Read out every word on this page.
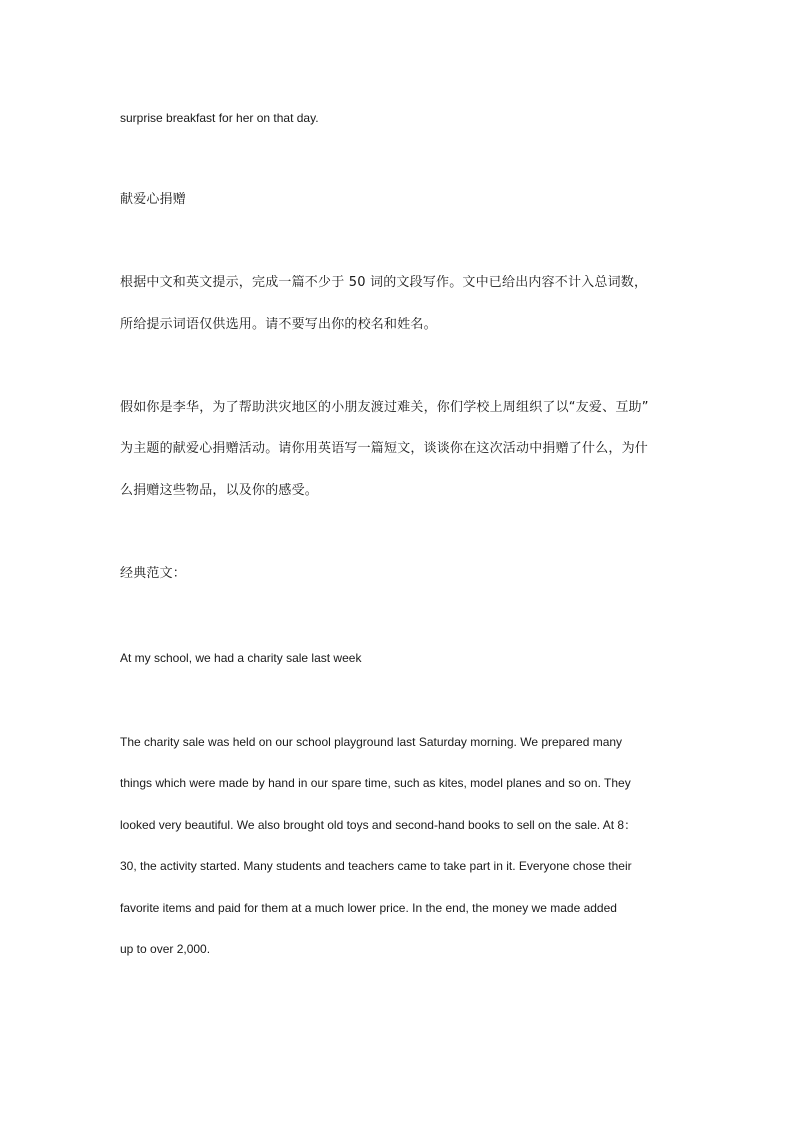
surprise breakfast for her on that day.
献爱心捐赠
根据中文和英文提示，完成一篇不少于 50 词的文段写作。文中已给出内容不计入总词数，
所给提示词语仅供选用。请不要写出你的校名和姓名。
假如你是李华，为了帮助洪灾地区的小朋友渡过难关，你们学校上周组织了以“友爱、互助”
为主题的献爱心捐赠活动。请你用英语写一篇短文，谈谈你在这次活动中捐赠了什么，为什
么捐赠这些物品，以及你的感受。
经典范文：
At my school, we had a charity sale last week
The charity sale was held on our school playground last Saturday morning. We prepared many
things which were made by hand in our spare time, such as kites, model planes and so on. They
looked very beautiful. We also brought old toys and second-hand books to sell on the sale. At 8：
30, the activity started. Many students and teachers came to take part in it. Everyone chose their
favorite items and paid for them at a much lower price. In the end, the money we made added
up to over 2,000.
